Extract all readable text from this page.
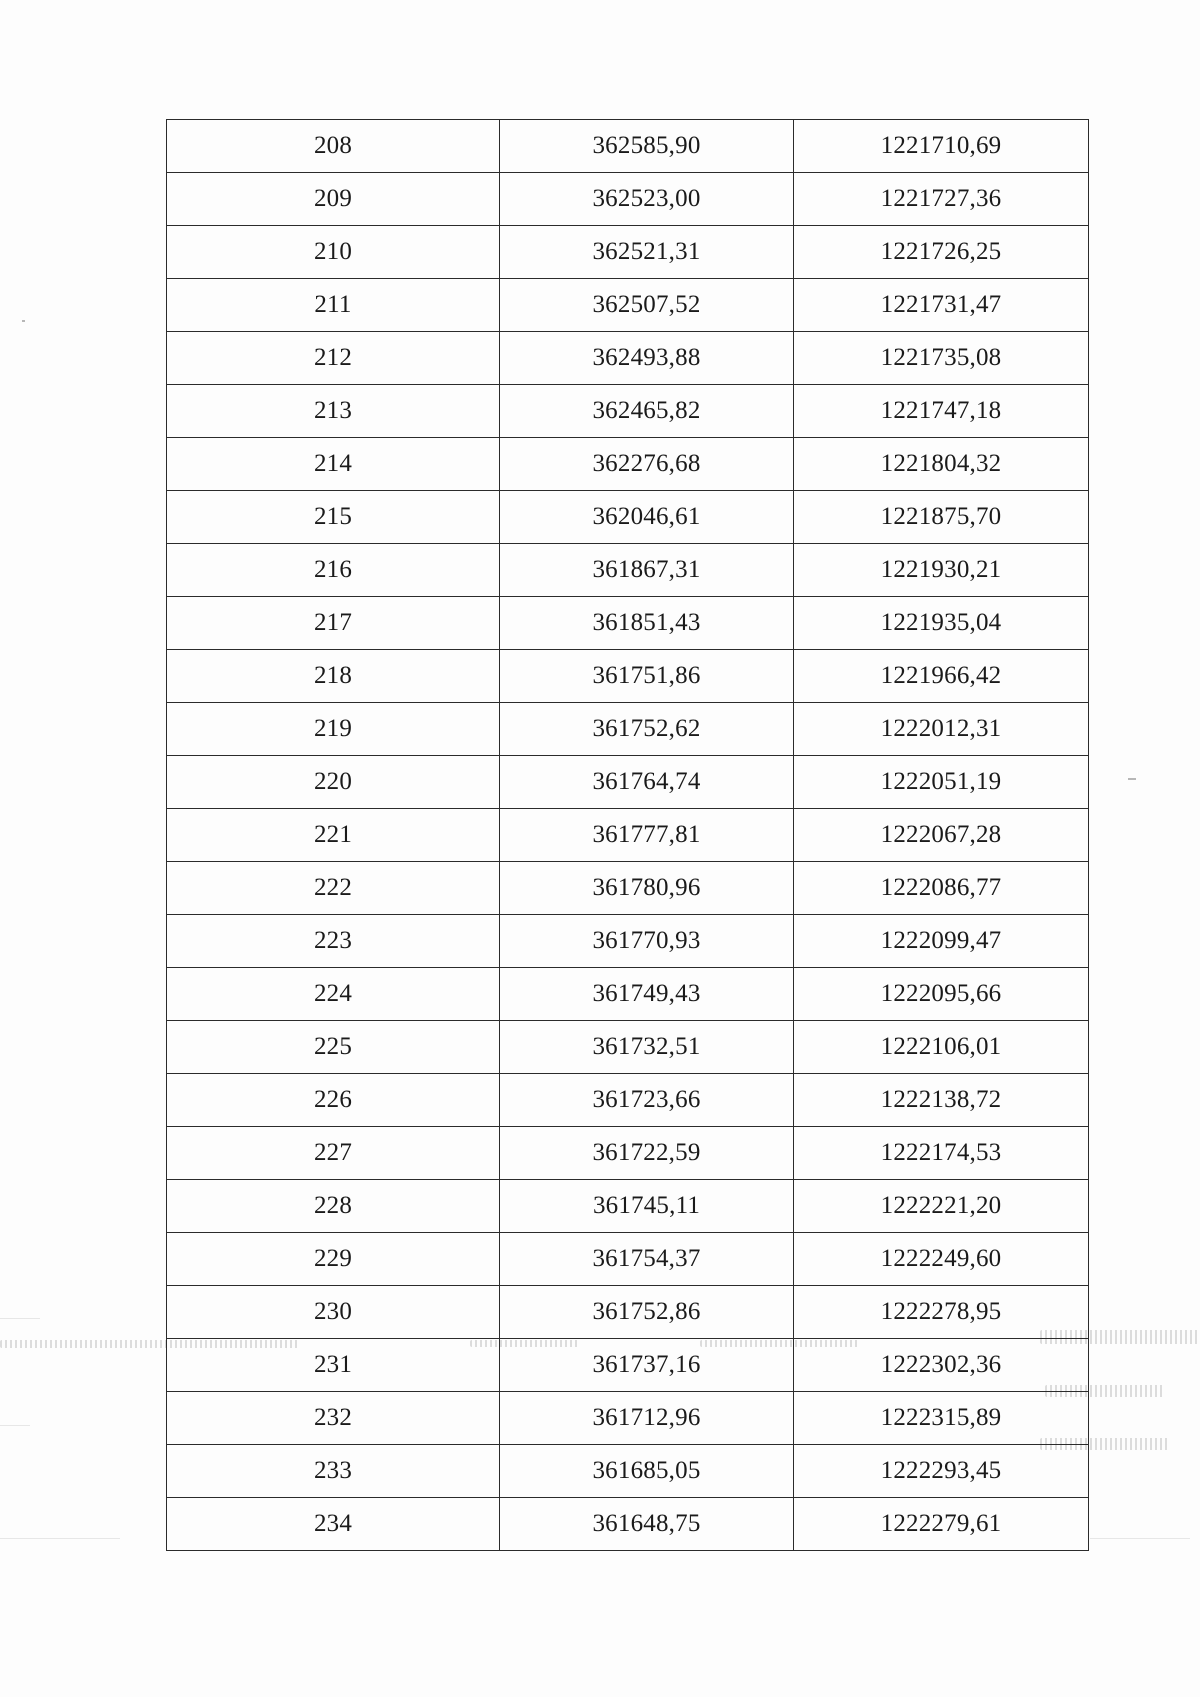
208	362585,90	1221710,69
209	362523,00	1221727,36
210	362521,31	1221726,25
211	362507,52	1221731,47
212	362493,88	1221735,08
213	362465,82	1221747,18
214	362276,68	1221804,32
215	362046,61	1221875,70
216	361867,31	1221930,21
217	361851,43	1221935,04
218	361751,86	1221966,42
219	361752,62	1222012,31
220	361764,74	1222051,19
221	361777,81	1222067,28
222	361780,96	1222086,77
223	361770,93	1222099,47
224	361749,43	1222095,66
225	361732,51	1222106,01
226	361723,66	1222138,72
227	361722,59	1222174,53
228	361745,11	1222221,20
229	361754,37	1222249,60
230	361752,86	1222278,95
231	361737,16	1222302,36
232	361712,96	1222315,89
233	361685,05	1222293,45
234	361648,75	1222279,61
